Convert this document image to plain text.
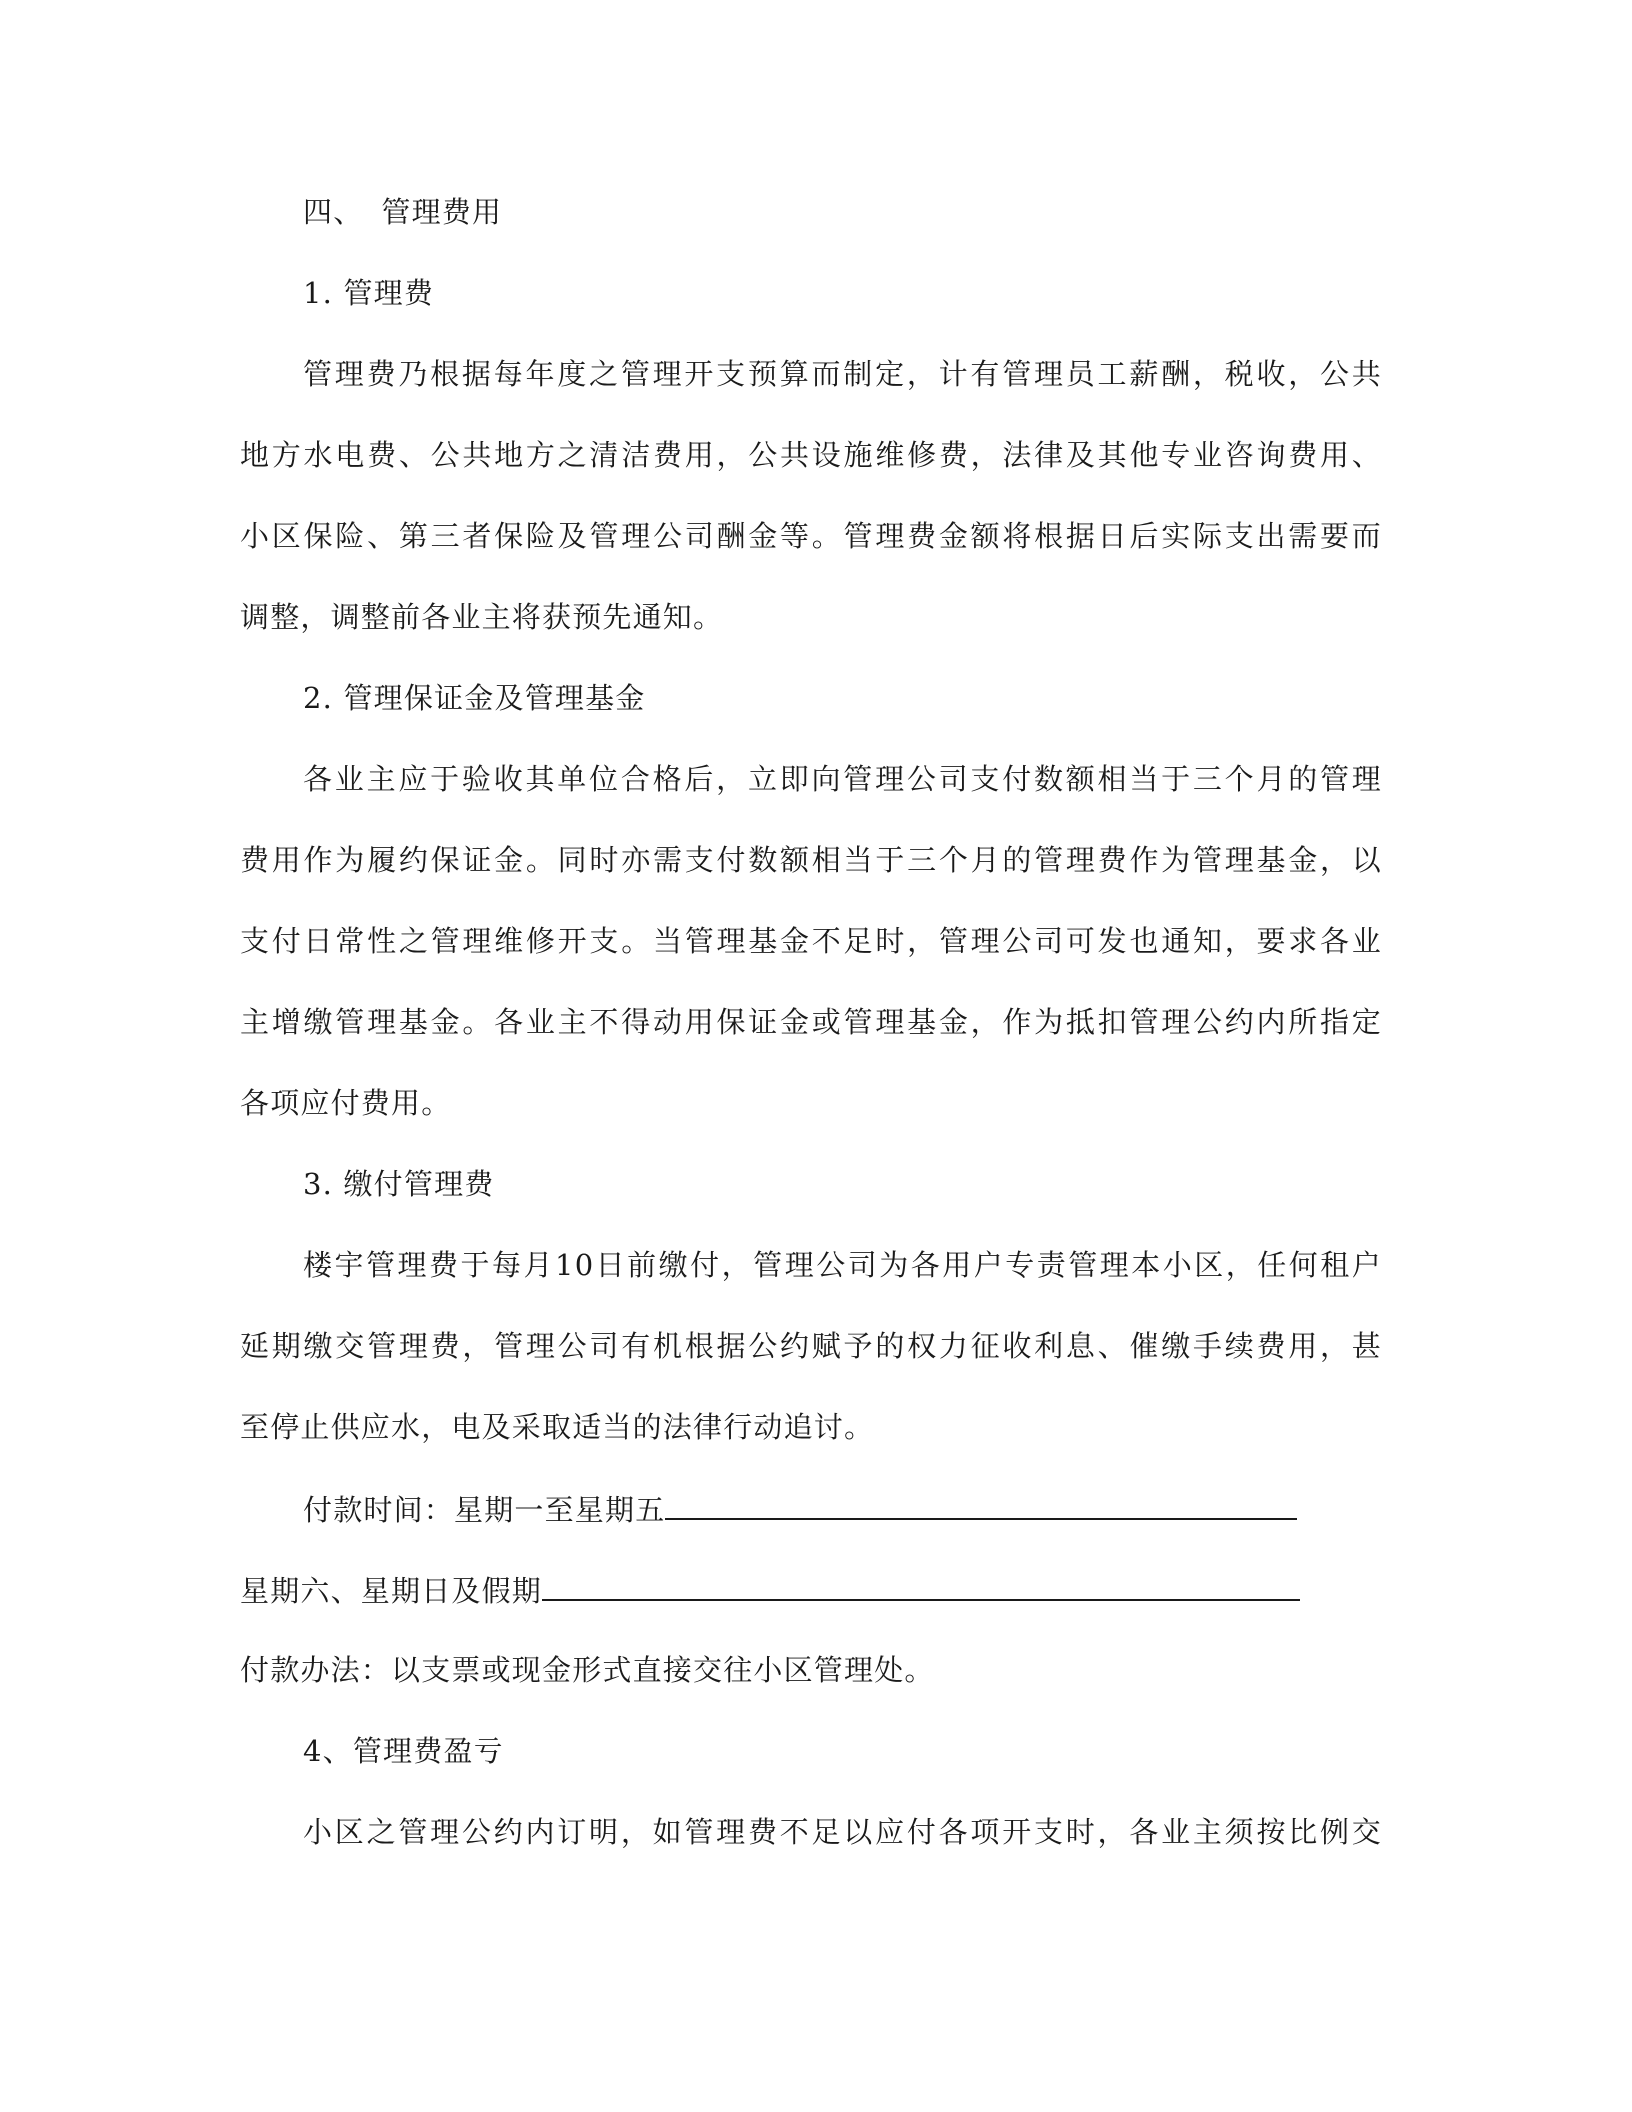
四、 管理费用
1. 管理费
管理费乃根据每年度之管理开支预算而制定，计有管理员工薪酬，税收，公共
地方水电费、公共地方之清洁费用，公共设施维修费，法律及其他专业咨询费用、
小区保险、第三者保险及管理公司酬金等。管理费金额将根据日后实际支出需要而
调整，调整前各业主将获预先通知。
2. 管理保证金及管理基金
各业主应于验收其单位合格后，立即向管理公司支付数额相当于三个月的管理
费用作为履约保证金。同时亦需支付数额相当于三个月的管理费作为管理基金，以
支付日常性之管理维修开支。当管理基金不足时，管理公司可发也通知，要求各业
主增缴管理基金。各业主不得动用保证金或管理基金，作为抵扣管理公约内所指定
各项应付费用。
3. 缴付管理费
楼宇管理费于每月10日前缴付，管理公司为各用户专责管理本小区，任何租户
延期缴交管理费，管理公司有机根据公约赋予的权力征收利息、催缴手续费用，甚
至停止供应水，电及采取适当的法律行动追讨。
付款时间：星期一至星期五
星期六、星期日及假期
付款办法：以支票或现金形式直接交往小区管理处。
4、管理费盈亏
小区之管理公约内订明，如管理费不足以应付各项开支时，各业主须按比例交
